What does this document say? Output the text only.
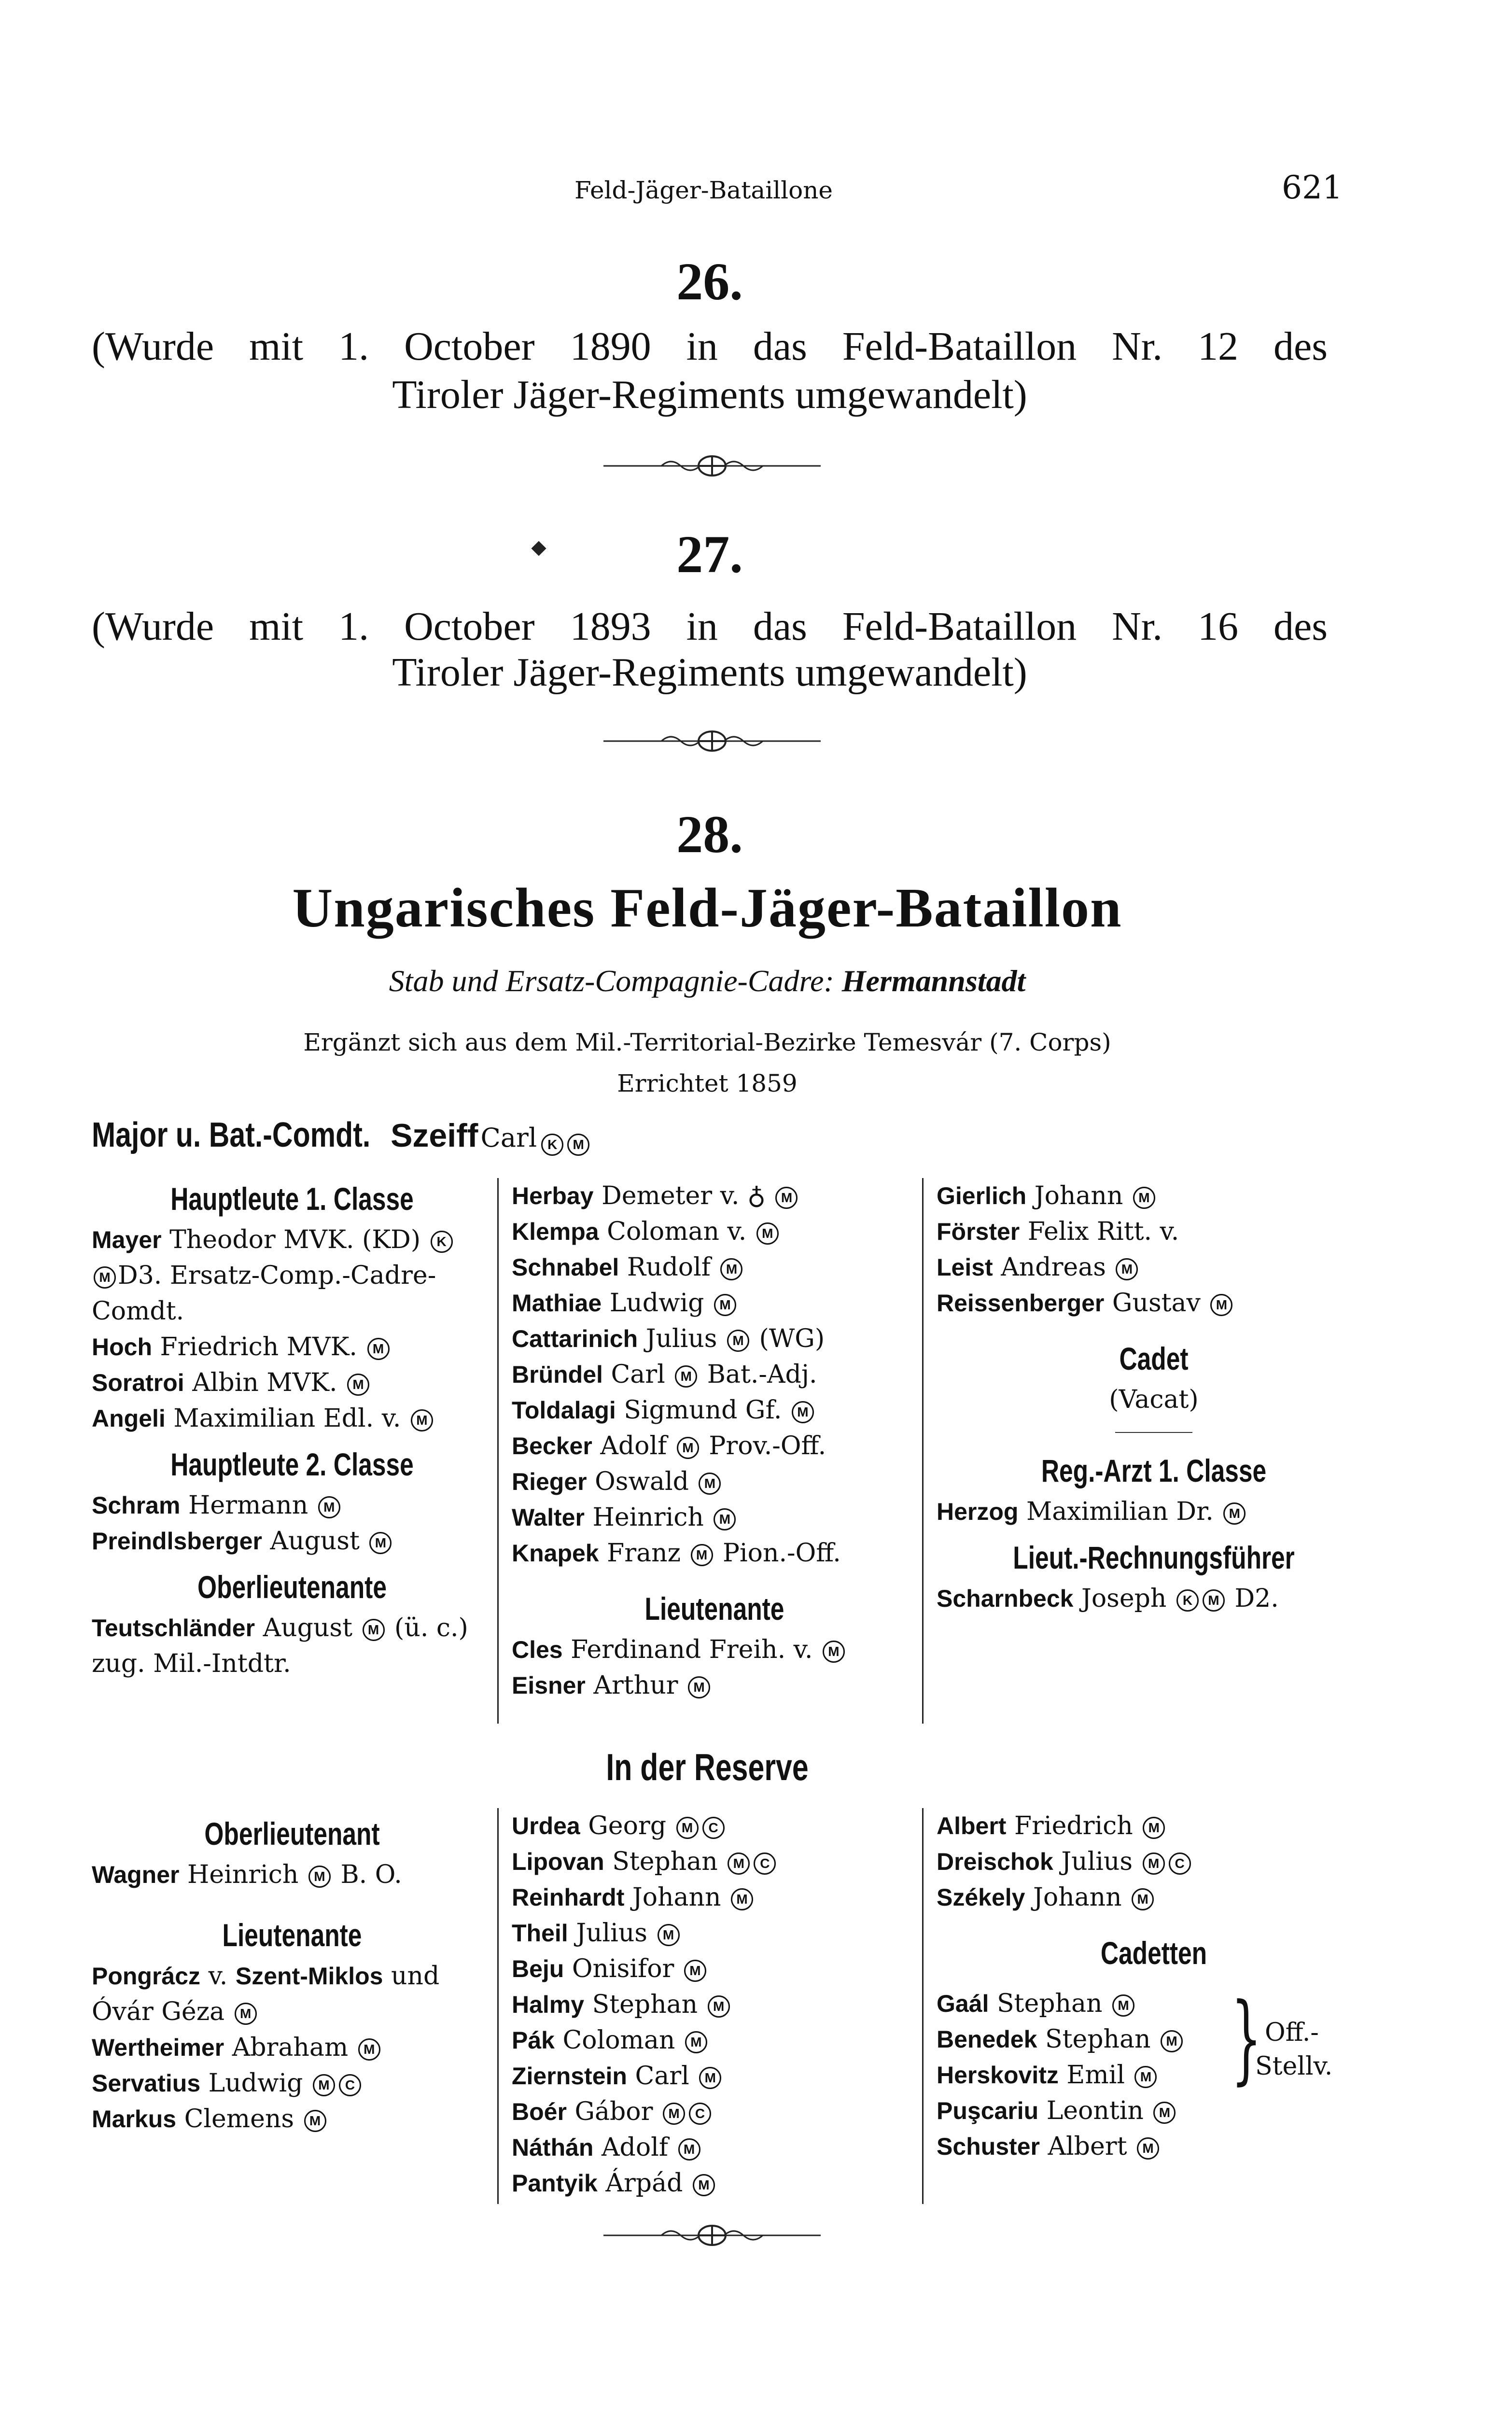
Feld-Jäger-Bataillone	621
26.
(Wurde mit 1. October 1890 in das Feld-Bataillon Nr. 12 des
Tiroler Jäger-Regiments umgewandelt)
27.
(Wurde mit 1. October 1893 in das Feld-Bataillon Nr. 16 des
Tiroler Jäger-Regiments umgewandelt)
28.
Ungarisches Feld-Jäger-Bataillon
Stab und Ersatz-Compagnie-Cadre: Hermannstadt
Ergänzt sich aus dem Mil.-Territorial-Bezirke Temesvár (7. Corps)
Errichtet 1859
Major u. Bat.-Comdt. Szeiff Carl K M
Hauptleute 1. Classe
Mayer Theodor MVK. (KD) K
M D3. Ersatz-Comp.-Cadre-
Comdt.
Hoch Friedrich MVK. M
Soratroi Albin MVK. M
Angeli Maximilian Edl. v. M
Hauptleute 2. Classe
Schram Hermann M
Preindlsberger August M
Oberlieutenante
Teutschländer August M (ü. c.)
zug. Mil.-Intdtr.
Herbay Demeter v. ♁ M
Klempa Coloman v. M
Schnabel Rudolf M
Mathiae Ludwig M
Cattarinich Julius M (WG)
Bründel Carl M Bat.-Adj.
Toldalagi Sigmund Gf. M
Becker Adolf M Prov.-Off.
Rieger Oswald M
Walter Heinrich M
Knapek Franz M Pion.-Off.
Lieutenante
Cles Ferdinand Freih. v. M
Eisner Arthur M
Gierlich Johann M
Förster Felix Ritt. v.
Leist Andreas M
Reissenberger Gustav M
Cadet
(Vacat)
Reg.-Arzt 1. Classe
Herzog Maximilian Dr. M
Lieut.-Rechnungsführer
Scharnbeck Joseph K M D2.
In der Reserve
Oberlieutenant
Wagner Heinrich M B. O.
Lieutenante
Pongrácz v. Szent-Miklos und
Óvár Géza M
Wertheimer Abraham M
Servatius Ludwig M C
Markus Clemens M
Urdea Georg M C
Lipovan Stephan M C
Reinhardt Johann M
Theil Julius M
Beju Onisifor M
Halmy Stephan M
Pák Coloman M
Ziernstein Carl M
Boér Gábor M C
Náthán Adolf M
Pantyik Árpád M
Albert Friedrich M
Dreischok Julius M C
Székely Johann M
Cadetten
Gaál Stephan M
Benedek Stephan M
Herskovitz Emil M
Puşcariu Leontin M
Schuster Albert M
} Off.-
Stellv.
